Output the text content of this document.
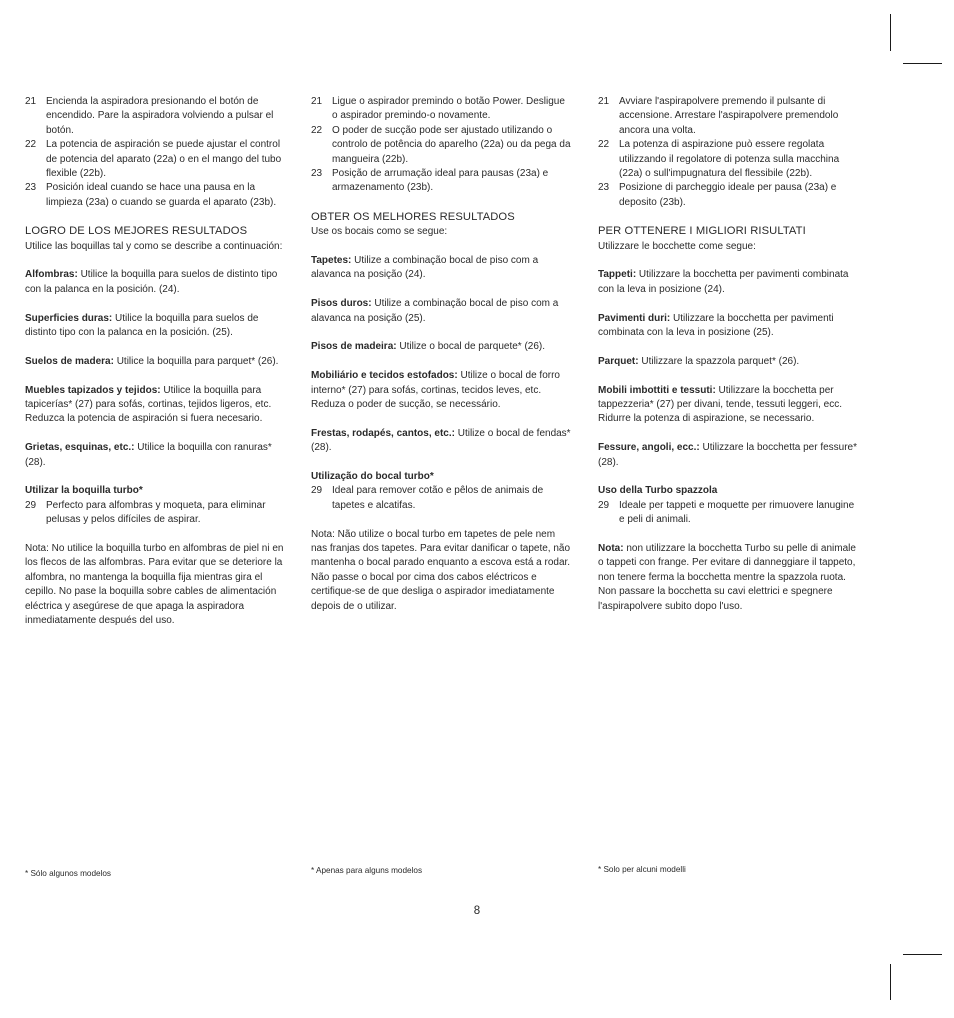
21 Encienda la aspiradora presionando el botón de encendido. Pare la aspiradora volviendo a pulsar el botón.
22 La potencia de aspiración se puede ajustar el control de potencia del aparato (22a) o en el mango del tubo flexible (22b).
23 Posición ideal cuando se hace una pausa en la limpieza (23a) o cuando se guarda el aparato (23b).
LOGRO DE LOS MEJORES RESULTADOS

Utilice las boquillas tal y como se describe a continuación:

Alfombras: Utilice la boquilla para suelos de distinto tipo con la palanca en la posición. (24).

Superficies duras: Utilice la boquilla para suelos de distinto tipo con la palanca en la posición. (25).

Suelos de madera: Utilice la boquilla para parquet* (26).

Muebles tapizados y tejidos: Utilice la boquilla para tapicerías* (27) para sofás, cortinas, tejidos ligeros, etc. Reduzca la potencia de aspiración si fuera necesario.

Grietas, esquinas, etc.: Utilice la boquilla con ranuras* (28).

Utilizar la boquilla turbo*

29 Perfecto para alfombras y moqueta, para eliminar pelusas y pelos difíciles de aspirar.

Nota: No utilice la boquilla turbo en alfombras de piel ni en los flecos de las alfombras. Para evitar que se deteriore la alfombra, no mantenga la boquilla fija mientras gira el cepillo. No pase la boquilla sobre cables de alimentación eléctrica y asegúrese de que apaga la aspiradora inmediatamente después del uso.

21 Ligue o aspirador premindo o botão Power. Desligue o aspirador premindo-o novamente.
22 O poder de sucção pode ser ajustado utilizando o controlo de potência do aparelho (22a) ou da pega da mangueira (22b).
23 Posição de arrumação ideal para pausas (23a) e armazenamento (23b).
OBTER OS MELHORES RESULTADOS

Use os bocais como se segue:

Tapetes: Utilize a combinação bocal de piso com a alavanca na posição (24).

Pisos duros: Utilize a combinação bocal de piso com a alavanca na posição (25).

Pisos de madeira: Utilize o bocal de parquete* (26).

Mobiliário e tecidos estofados: Utilize o bocal de forro interno* (27) para sofás, cortinas, tecidos leves, etc. Reduza o poder de sucção, se necessário.

Frestas, rodapés, cantos, etc.: Utilize o bocal de fendas* (28).

Utilização do bocal turbo*

29 Ideal para remover cotão e pêlos de animais de tapetes e alcatifas.

Nota: Não utilize o bocal turbo em tapetes de pele nem nas franjas dos tapetes. Para evitar danificar o tapete, não mantenha o bocal parado enquanto a escova está a rodar. Não passe o bocal por cima dos cabos eléctricos e certifique-se de que desliga o aspirador imediatamente depois de o utilizar.

21 Avviare l'aspirapolvere premendo il pulsante di accensione. Arrestare l'aspirapolvere premendolo ancora una volta.
22 La potenza di aspirazione può essere regolata utilizzando il regolatore di potenza sulla macchina (22a) o sull'impugnatura del flessibile (22b).
23 Posizione di parcheggio ideale per pausa (23a) e deposito (23b).
PER OTTENERE I MIGLIORI RISULTATI

Utilizzare le bocchette come segue:

Tappeti: Utilizzare la bocchetta per pavimenti combinata con la leva in posizione (24).

Pavimenti duri: Utilizzare la bocchetta per pavimenti combinata con la leva in posizione (25).

Parquet: Utilizzare la spazzola parquet* (26).

Mobili imbottiti e tessuti: Utilizzare la bocchetta per tappezzeria* (27) per divani, tende, tessuti leggeri, ecc. Ridurre la potenza di aspirazione, se necessario.

Fessure, angoli, ecc.: Utilizzare la bocchetta per fessure* (28).

Uso della Turbo spazzola

29 Ideale per tappeti e moquette per rimuovere lanugine e peli di animali.

Nota: non utilizzare la bocchetta Turbo su pelle di animale o tappeti con frange. Per evitare di danneggiare il tappeto, non tenere ferma la bocchetta mentre la spazzola ruota. Non passare la bocchetta su cavi elettrici e spegnere l'aspirapolvere subito dopo l'uso.

* Sólo algunos modelos	* Apenas para alguns modelos	* Solo per alcuni modelli
8
